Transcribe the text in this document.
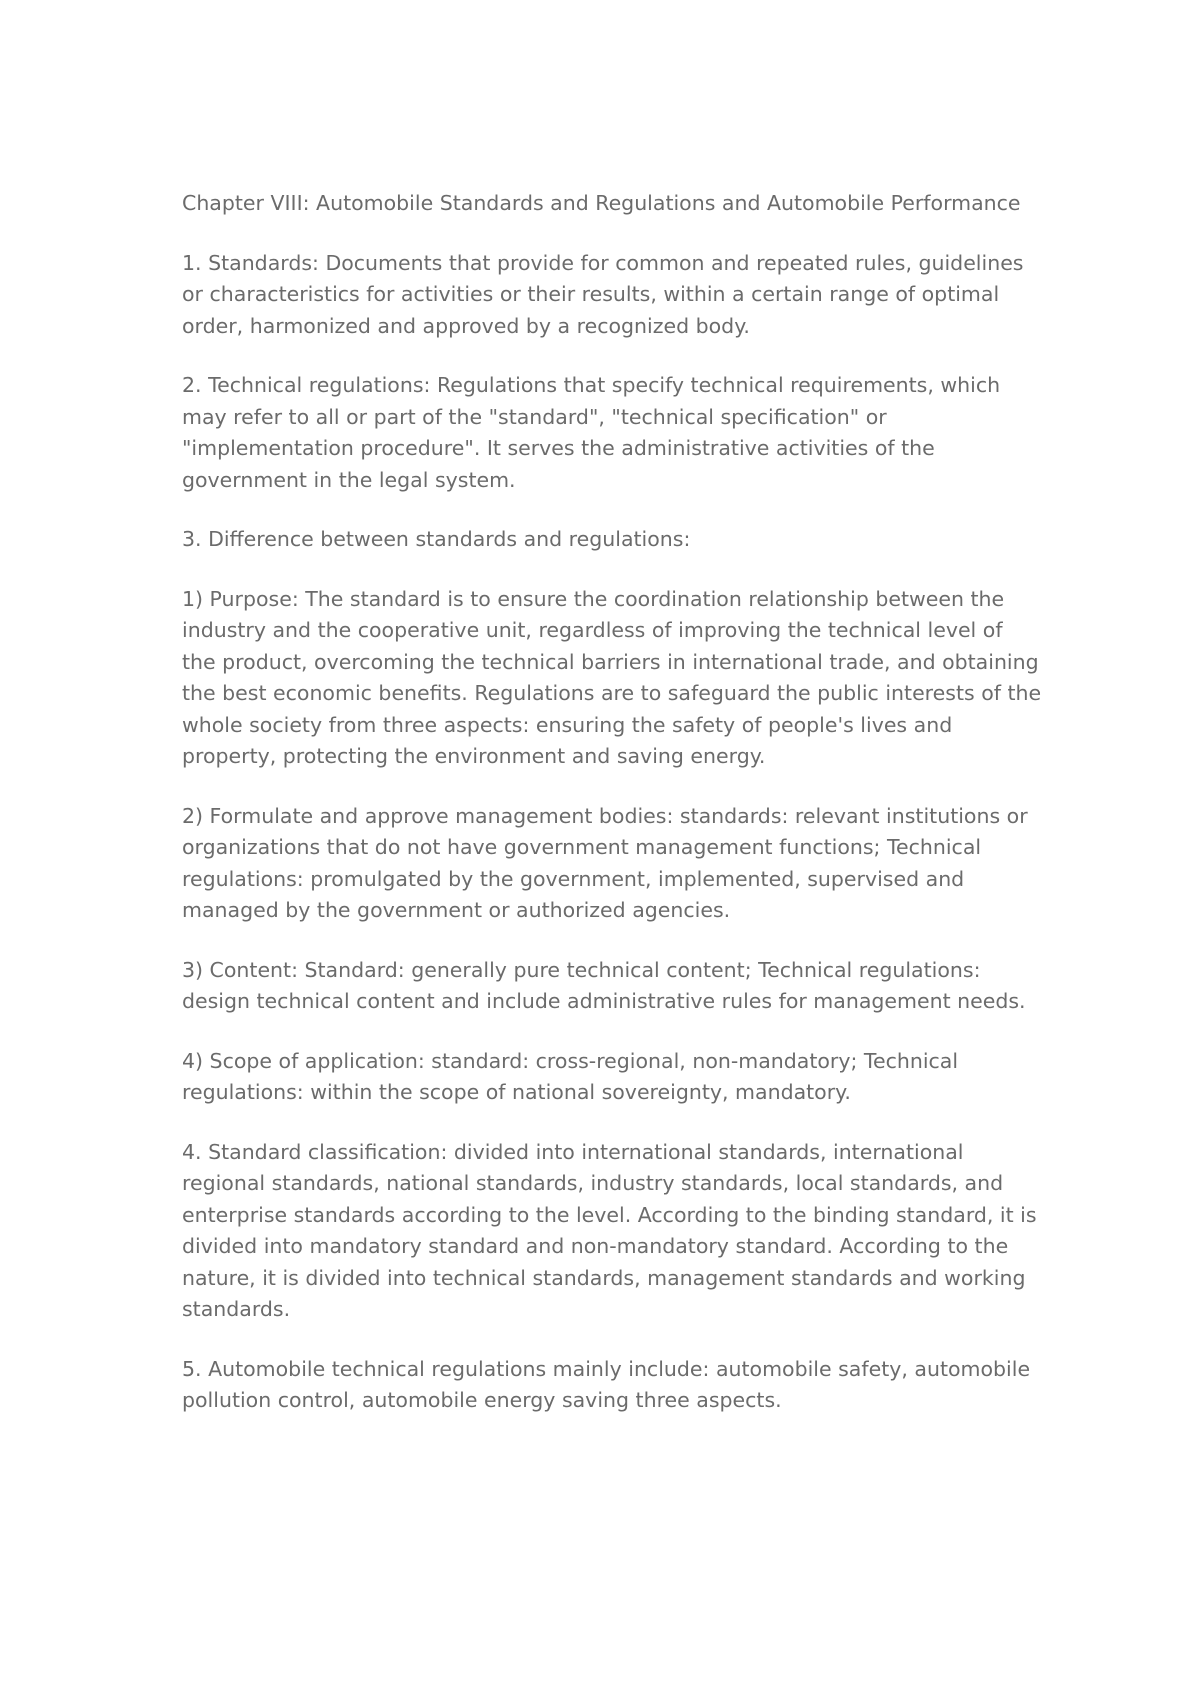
Chapter VIII: Automobile Standards and Regulations and Automobile Performance

1. Standards: Documents that provide for common and repeated rules, guidelines or characteristics for activities or their results, within a certain range of optimal order, harmonized and approved by a recognized body.

2. Technical regulations: Regulations that specify technical requirements, which may refer to all or part of the "standard", "technical specification" or "implementation procedure". It serves the administrative activities of the government in the legal system.

3. Difference between standards and regulations:

1) Purpose: The standard is to ensure the coordination relationship between the industry and the cooperative unit, regardless of improving the technical level of the product, overcoming the technical barriers in international trade, and obtaining the best economic benefits. Regulations are to safeguard the public interests of the whole society from three aspects: ensuring the safety of people's lives and property, protecting the environment and saving energy.

2) Formulate and approve management bodies: standards: relevant institutions or organizations that do not have government management functions; Technical regulations: promulgated by the government, implemented, supervised and managed by the government or authorized agencies.

3) Content: Standard: generally pure technical content; Technical regulations: design technical content and include administrative rules for management needs.

4) Scope of application: standard: cross-regional, non-mandatory; Technical regulations: within the scope of national sovereignty, mandatory.

4. Standard classification: divided into international standards, international regional standards, national standards, industry standards, local standards, and enterprise standards according to the level. According to the binding standard, it is divided into mandatory standard and non-mandatory standard. According to the nature, it is divided into technical standards, management standards and working standards.

5. Automobile technical regulations mainly include: automobile safety, automobile pollution control, automobile energy saving three aspects.
